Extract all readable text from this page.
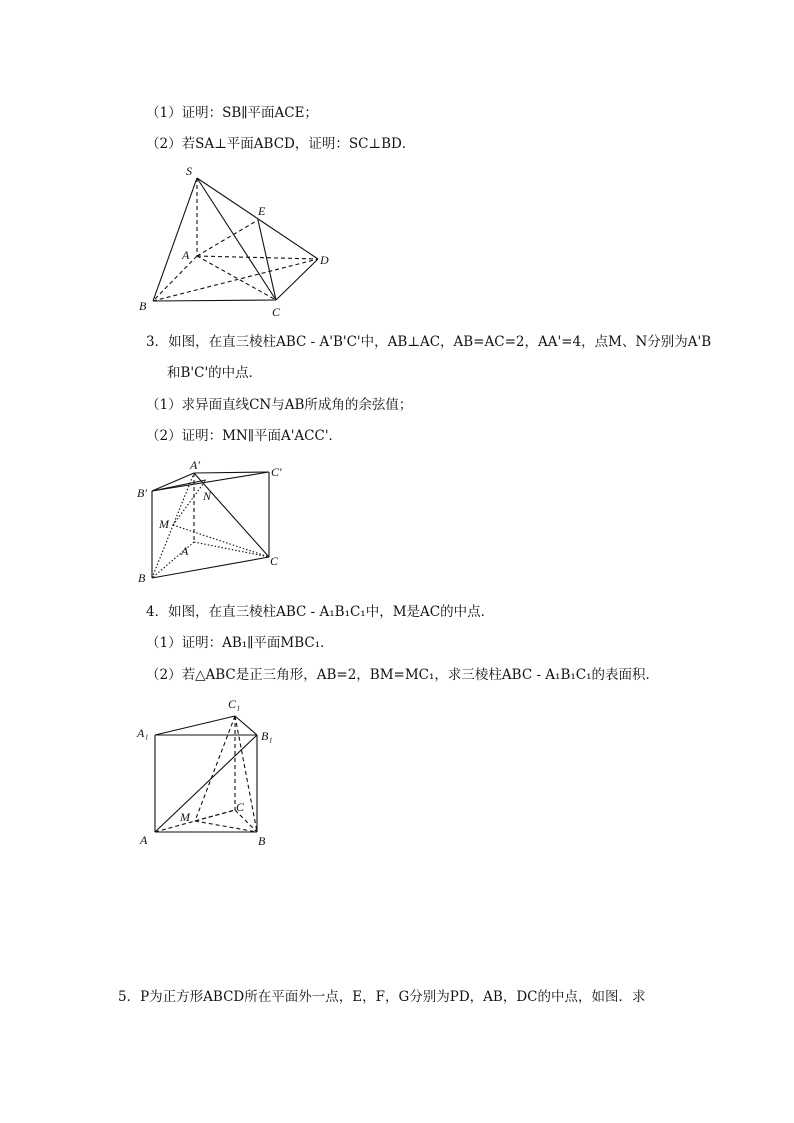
（1）证明：SB∥平面ACE；
（2）若SA⊥平面ABCD，证明：SC⊥BD．
S
E
A	D
B	C
3．如图，在直三棱柱ABC - A'B'C'中，AB⊥AC，AB=AC=2，AA'=4，点M、N分别为A'B
和B'C'的中点．
（1）求异面直线CN与AB所成角的余弦值；
（2）证明：MN∥平面A'ACC'．
A′	C′
B′	N
M
A
B
C
4．如图，在直三棱柱ABC - A₁B₁C₁中，M是AC的中点．
（1）证明：AB₁∥平面MBC₁．
（2）若△ABC是正三角形，AB=2，BM=MC₁，求三棱柱ABC - A₁B₁C₁的表面积．
C₁
A₁	B₁
C
M
A	B
5．P为正方形ABCD所在平面外一点，E，F，G分别为PD，AB，DC的中点，如图．求
